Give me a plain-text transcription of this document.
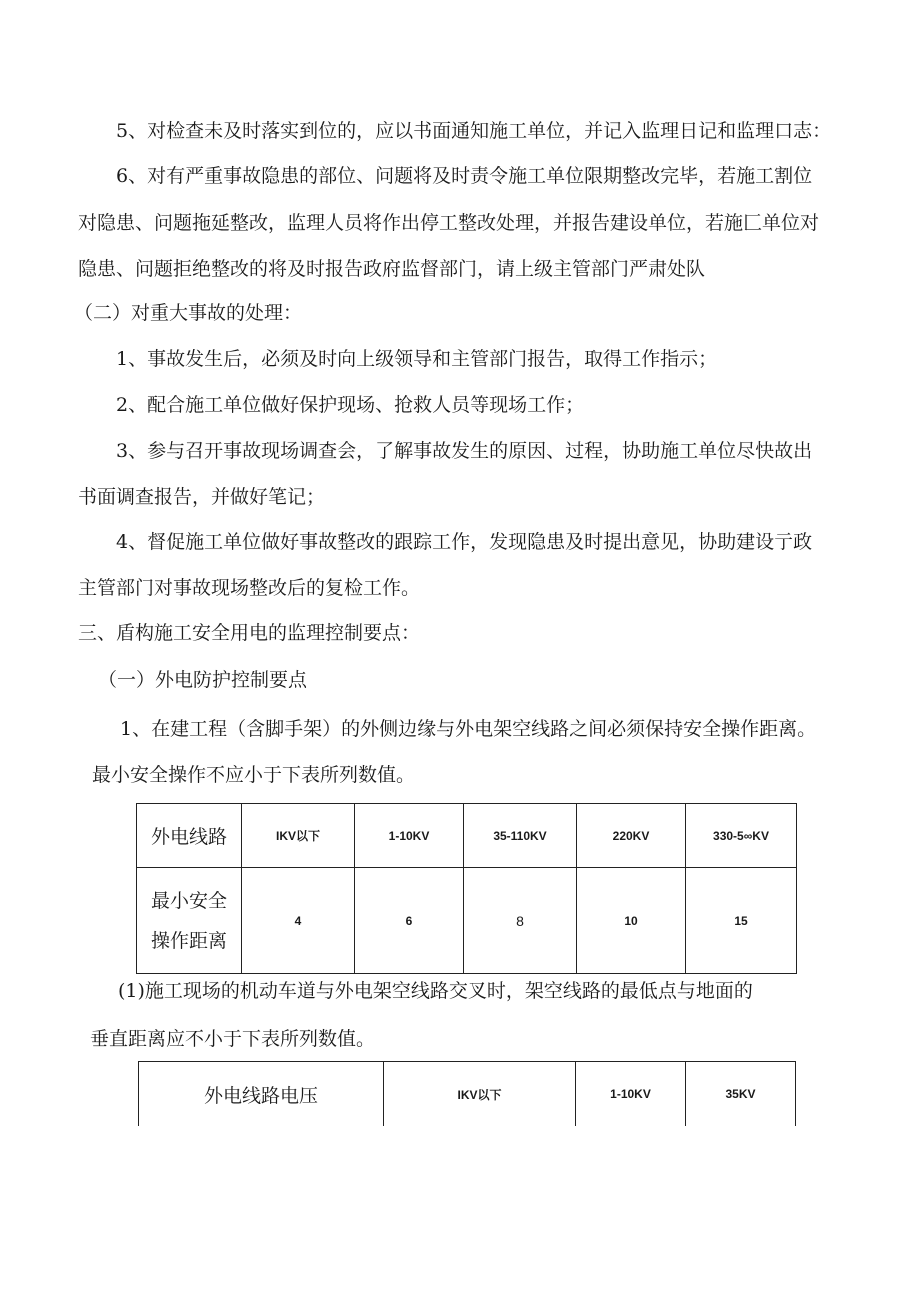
5、对检查未及时落实到位的，应以书面通知施工单位，并记入监理日记和监理口志：
6、对有严重事故隐患的部位、问题将及时责令施工单位限期整改完毕，若施工割位
对隐患、问题拖延整改，监理人员将作出停工整改处理，并报告建设单位，若施匚单位对
隐患、问题拒绝整改的将及时报告政府监督部门，请上级主管部门严肃处队
（二）对重大事故的处理：
1、事故发生后，必须及时向上级领导和主管部门报告，取得工作指示；
2、配合施工单位做好保护现场、抢救人员等现场工作；
3、参与召开事故现场调查会，了解事故发生的原因、过程，协助施工单位尽快故出
书面调查报告，并做好笔记；
4、督促施工单位做好事故整改的跟踪工作，发现隐患及时提出意见，协助建设亍政
主管部门对事故现场整改后的复检工作。
三、盾构施工安全用电的监理控制要点：
（一）外电防护控制要点
1、在建工程（含脚手架）的外侧边缘与外电架空线路之间必须保持安全操作距离。
最小安全操作不应小于下表所列数值。
外电线路	IKV以下	1-10KV	35-110KV	220KV	330-5∞KV

最小安全
操作距离	4	6	8	10	15
(1)施工现场的机动车道与外电架空线路交叉时，架空线路的最低点与地面的
垂直距离应不小于下表所列数值。
外电线路电压	IKV以下	1-10KV	35KV
